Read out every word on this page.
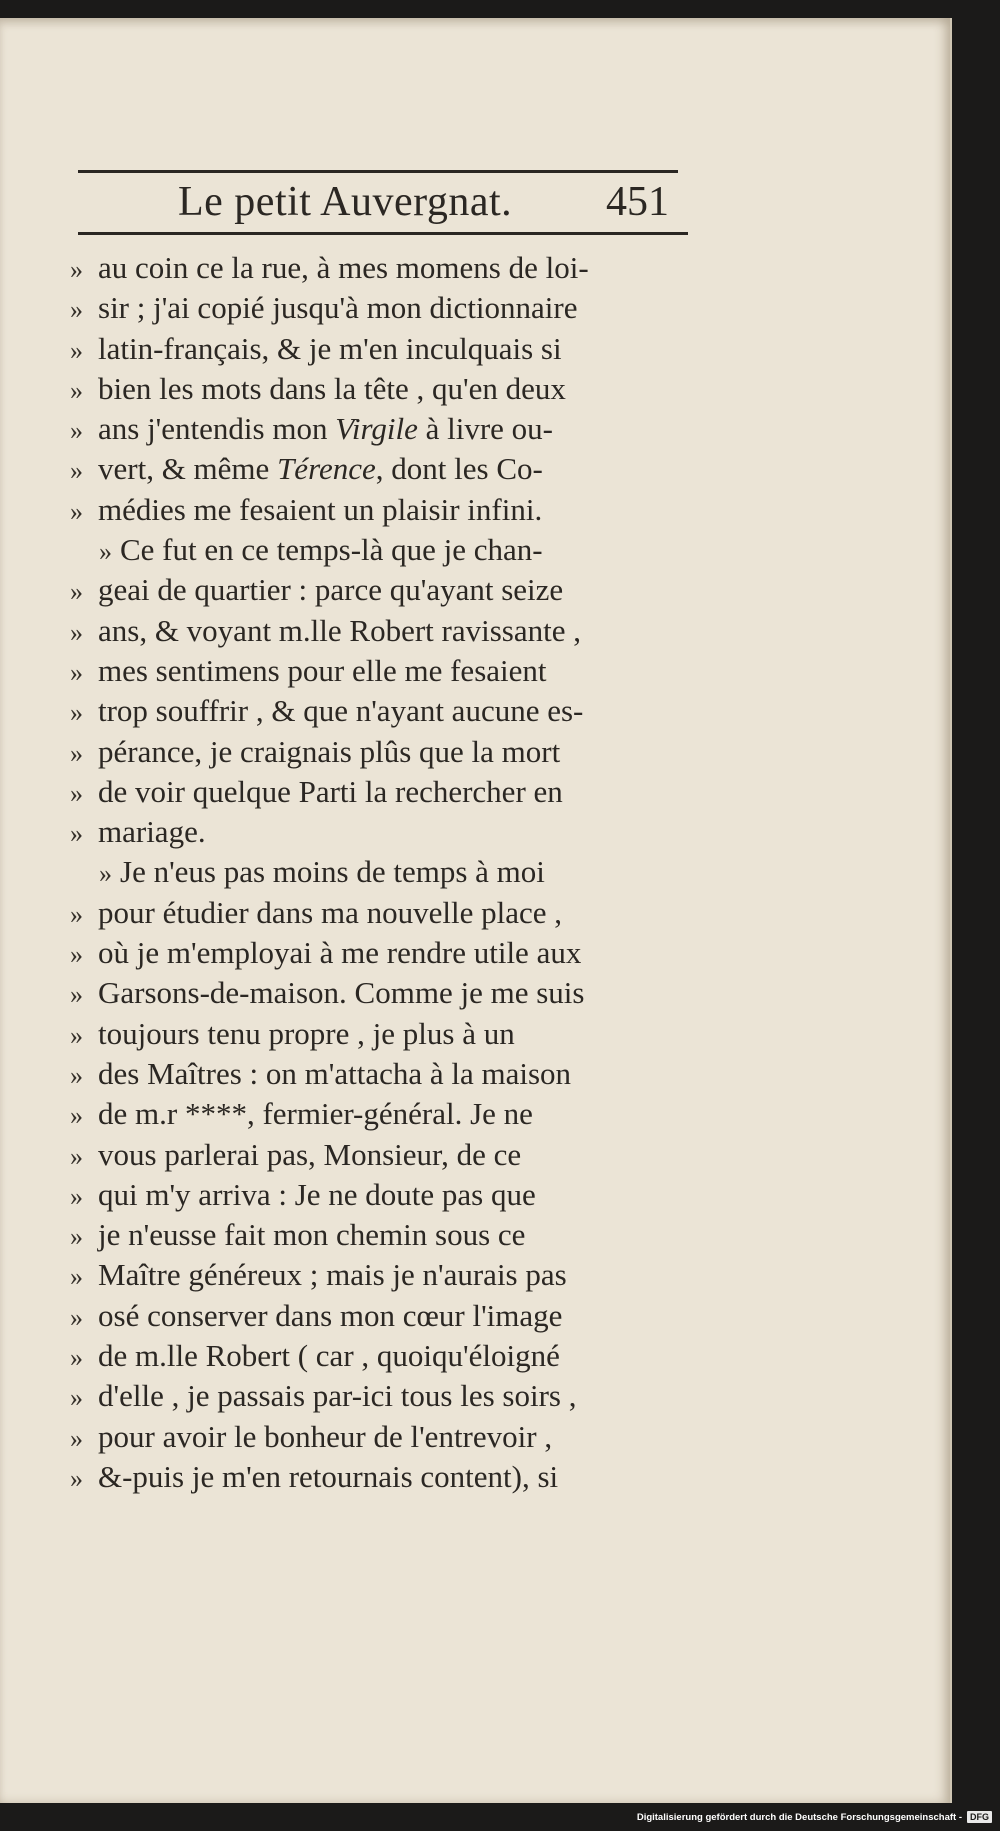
Le petit Auvergnat. 451
» au coin ce la rue, à mes momens de loi-
» sir ; j'ai copié jusqu'à mon dictionnaire
» latin-français, & je m'en inculquais si
» bien les mots dans la tête , qu'en deux
» ans j'entendis mon Virgile à livre ou-
» vert, & même Térence, dont les Co-
» médies me fesaient un plaisir infini.
» Ce fut en ce temps-là que je chan-
» geai de quartier : parce qu'ayant seize
» ans, & voyant m.lle Robert ravissante ,
» mes sentimens pour elle me fesaient
» trop souffrir , & que n'ayant aucune es-
» pérance, je craignais plûs que la mort
» de voir quelque Parti la rechercher en
» mariage.
» Je n'eus pas moins de temps à moi
» pour étudier dans ma nouvelle place ,
» où je m'employai à me rendre utile aux
» Garsons-de-maison. Comme je me suis
» toujours tenu propre , je plus à un
» des Maîtres : on m'attacha à la maison
» de m.r ****, fermier-général. Je ne
» vous parlerai pas, Monsieur, de ce
» qui m'y arriva : Je ne doute pas que
» je n'eusse fait mon chemin sous ce
» Maître généreux ; mais je n'aurais pas
» osé conserver dans mon cœur l'image
» de m.lle Robert ( car , quoiqu'éloigné
» d'elle , je passais par-ici tous les soirs ,
» pour avoir le bonheur de l'entrevoir ,
» &-puis je m'en retournais content), si
Digitalisierung gefördert durch die Deutsche Forschungsgemeinschaft - DFG
